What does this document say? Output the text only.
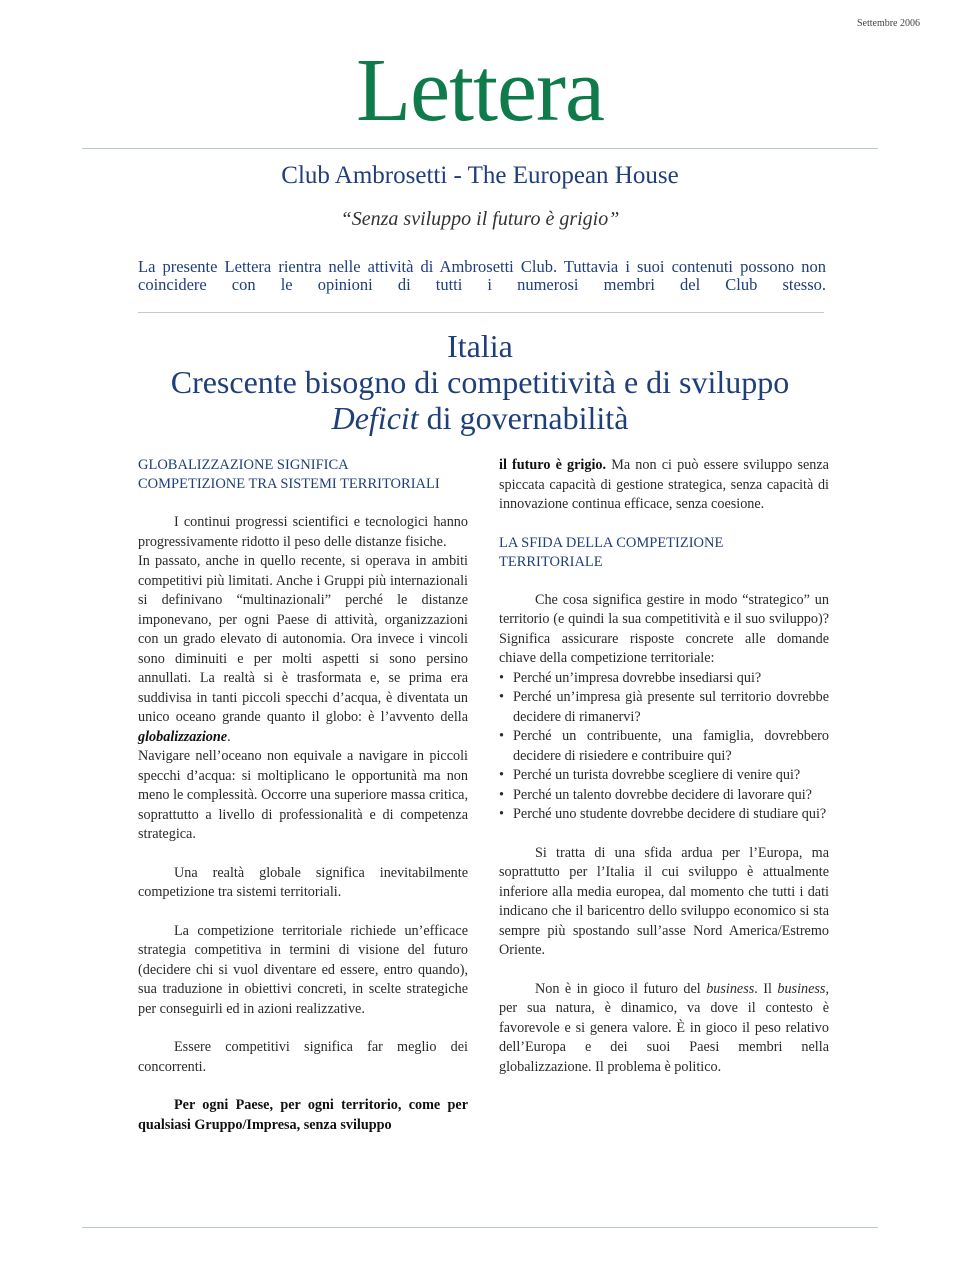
Settembre 2006
Lettera
Club Ambrosetti - The European House
“Senza sviluppo il futuro è grigio”
La presente Lettera rientra nelle attività di Ambrosetti Club. Tuttavia i suoi contenuti possono non coincidere con le opinioni di tutti i numerosi membri del Club stesso.
Italia
Crescente bisogno di competitività e di sviluppo
Deficit di governabilità

GLOBALIZZAZIONE SIGNIFICA
COMPETIZIONE TRA SISTEMI TERRITORIALI

I continui progressi scientifici e tecnologici hanno progressivamente ridotto il peso delle distanze fisiche.

In passato, anche in quello recente, si operava in ambiti competitivi più limitati. Anche i Gruppi più internazionali si definivano “multinazionali” perché le distanze imponevano, per ogni Paese di attività, organizzazioni con un grado elevato di autonomia. Ora invece i vincoli sono diminuiti e per molti aspetti si sono persino annullati. La realtà si è trasformata e, se prima era suddivisa in tanti piccoli specchi d’acqua, è diventata un unico oceano grande quanto il globo: è l’avvento della globalizzazione.

Navigare nell’oceano non equivale a navigare in piccoli specchi d’acqua: si moltiplicano le opportunità ma non meno le complessità. Occorre una superiore massa critica, soprattutto a livello di professionalità e di competenza strategica.

Una realtà globale significa inevitabilmente competizione tra sistemi territoriali.

La competizione territoriale richiede un’efficace strategia competitiva in termini di visione del futuro (decidere chi si vuol diventare ed essere, entro quando), sua traduzione in obiettivi concreti, in scelte strategiche per conseguirli ed in azioni realizzative.

Essere competitivi significa far meglio dei concorrenti.

Per ogni Paese, per ogni territorio, come per qualsiasi Gruppo/Impresa, senza sviluppo

il futuro è grigio. Ma non ci può essere sviluppo senza spiccata capacità di gestione strategica, senza capacità di innovazione continua efficace, senza coesione.

LA SFIDA DELLA COMPETIZIONE
TERRITORIALE

Che cosa significa gestire in modo “strategico” un territorio (e quindi la sua competitività e il suo sviluppo)? Significa assicurare risposte concrete alle domande chiave della competizione territoriale:

• Perché un’impresa dovrebbe insediarsi qui?
• Perché un’impresa già presente sul territorio dovrebbe decidere di rimanervi?
• Perché un contribuente, una famiglia, dovrebbero decidere di risiedere e contribuire qui?
• Perché un turista dovrebbe scegliere di venire qui?
• Perché un talento dovrebbe decidere di lavorare qui?
• Perché uno studente dovrebbe decidere di studiare qui?

Si tratta di una sfida ardua per l’Europa, ma soprattutto per l’Italia il cui sviluppo è attualmente inferiore alla media europea, dal momento che tutti i dati indicano che il baricentro dello sviluppo economico si sta sempre più spostando sull’asse Nord America/Estremo Oriente.

Non è in gioco il futuro del business. Il business, per sua natura, è dinamico, va dove il contesto è favorevole e si genera valore. È in gioco il peso relativo dell’Europa e dei suoi Paesi membri nella globalizzazione. Il problema è politico.
